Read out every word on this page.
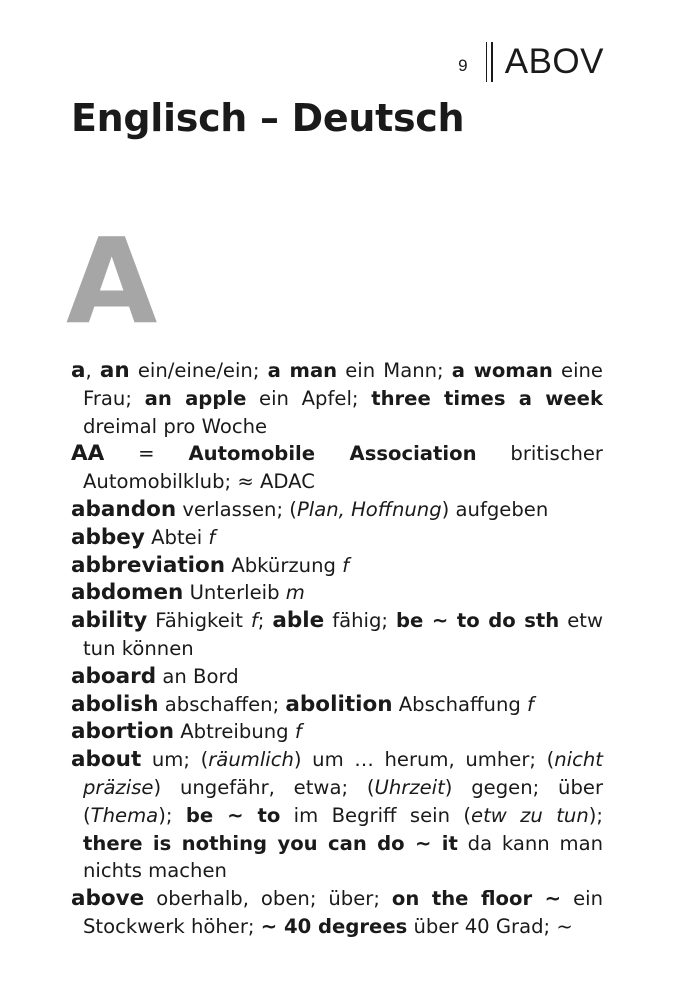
9 ABOV
Englisch – Deutsch
A
a, an ein/eine/ein; a man ein Mann; a woman eine Frau; an apple ein Apfel; three times a week dreimal pro Woche
AA = Automobile Association britischer Automobilklub; ≈ ADAC
abandon verlassen; (Plan, Hoffnung) aufgeben
abbey Abtei f
abbreviation Abkürzung f
abdomen Unterleib m
ability Fähigkeit f; able fähig; be ~ to do sth etw tun können
aboard an Bord
abolish abschaffen; abolition Abschaffung f
abortion Abtreibung f
about um; (räumlich) um … herum, umher; (nicht präzise) ungefähr, etwa; (Uhrzeit) gegen; über (Thema); be ~ to im Begriff sein (etw zu tun); there is nothing you can do ~ it da kann man nichts machen
above oberhalb, oben; über; on the floor ~ ein Stockwerk höher; ~ 40 degrees über 40 Grad; ~
